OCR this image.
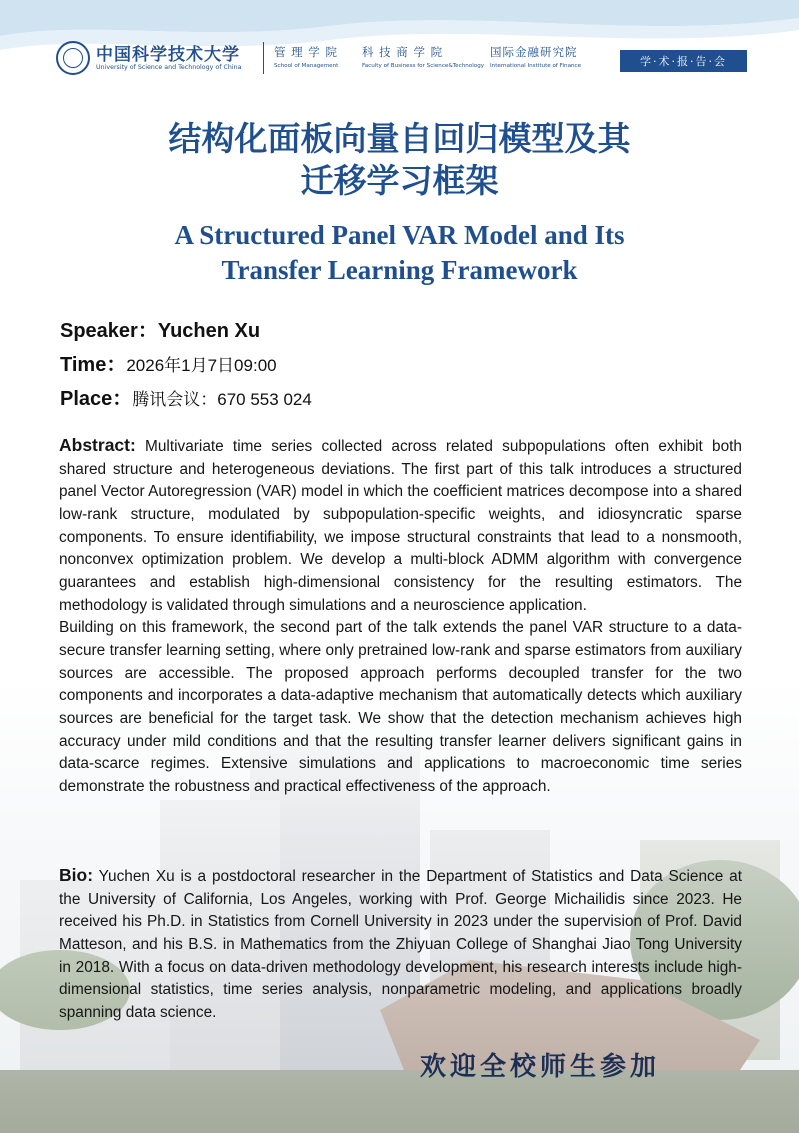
中国科学技术大学
University of Science and Technology of China
管 理 学 院
School of Management
科 技 商 学 院
Faculty of Business for Science&Technology
国际金融研究院
International Institute of Finance	学·术·报·告·会
结构化面板向量自回归模型及其
迁移学习框架
A Structured Panel VAR Model and Its
Transfer Learning Framework
Speaker：Yuchen Xu
Time：2026年1月7日09:00
Place：腾讯会议：670 553 024

Abstract: Multivariate time series collected across related subpopulations often exhibit both shared structure and heterogeneous deviations. The first part of this talk introduces a structured panel Vector Autoregression (VAR) model in which the coefficient matrices decompose into a shared low-rank structure, modulated by subpopulation-specific weights, and idiosyncratic sparse components. To ensure identifiability, we impose structural constraints that lead to a nonsmooth, nonconvex optimization problem. We develop a multi-block ADMM algorithm with convergence guarantees and establish high-dimensional consistency for the resulting estimators. The methodology is validated through simulations and a neuroscience application.

Building on this framework, the second part of the talk extends the panel VAR structure to a data-secure transfer learning setting, where only pretrained low-rank and sparse estimators from auxiliary sources are accessible. The proposed approach performs decoupled transfer for the two components and incorporates a data-adaptive mechanism that automatically detects which auxiliary sources are beneficial for the target task. We show that the detection mechanism achieves high accuracy under mild conditions and that the resulting transfer learner delivers significant gains in data-scarce regimes. Extensive simulations and applications to macroeconomic time series demonstrate the robustness and practical effectiveness of the approach.

Bio: Yuchen Xu is a postdoctoral researcher in the Department of Statistics and Data Science at the University of California, Los Angeles, working with Prof. George Michailidis since 2023. He received his Ph.D. in Statistics from Cornell University in 2023 under the supervision of Prof. David Matteson, and his B.S. in Mathematics from the Zhiyuan College of Shanghai Jiao Tong University in 2018. With a focus on data-driven methodology development, his research interests include high-dimensional statistics, time series analysis, nonparametric modeling, and applications broadly spanning data science.

欢迎全校师生参加
